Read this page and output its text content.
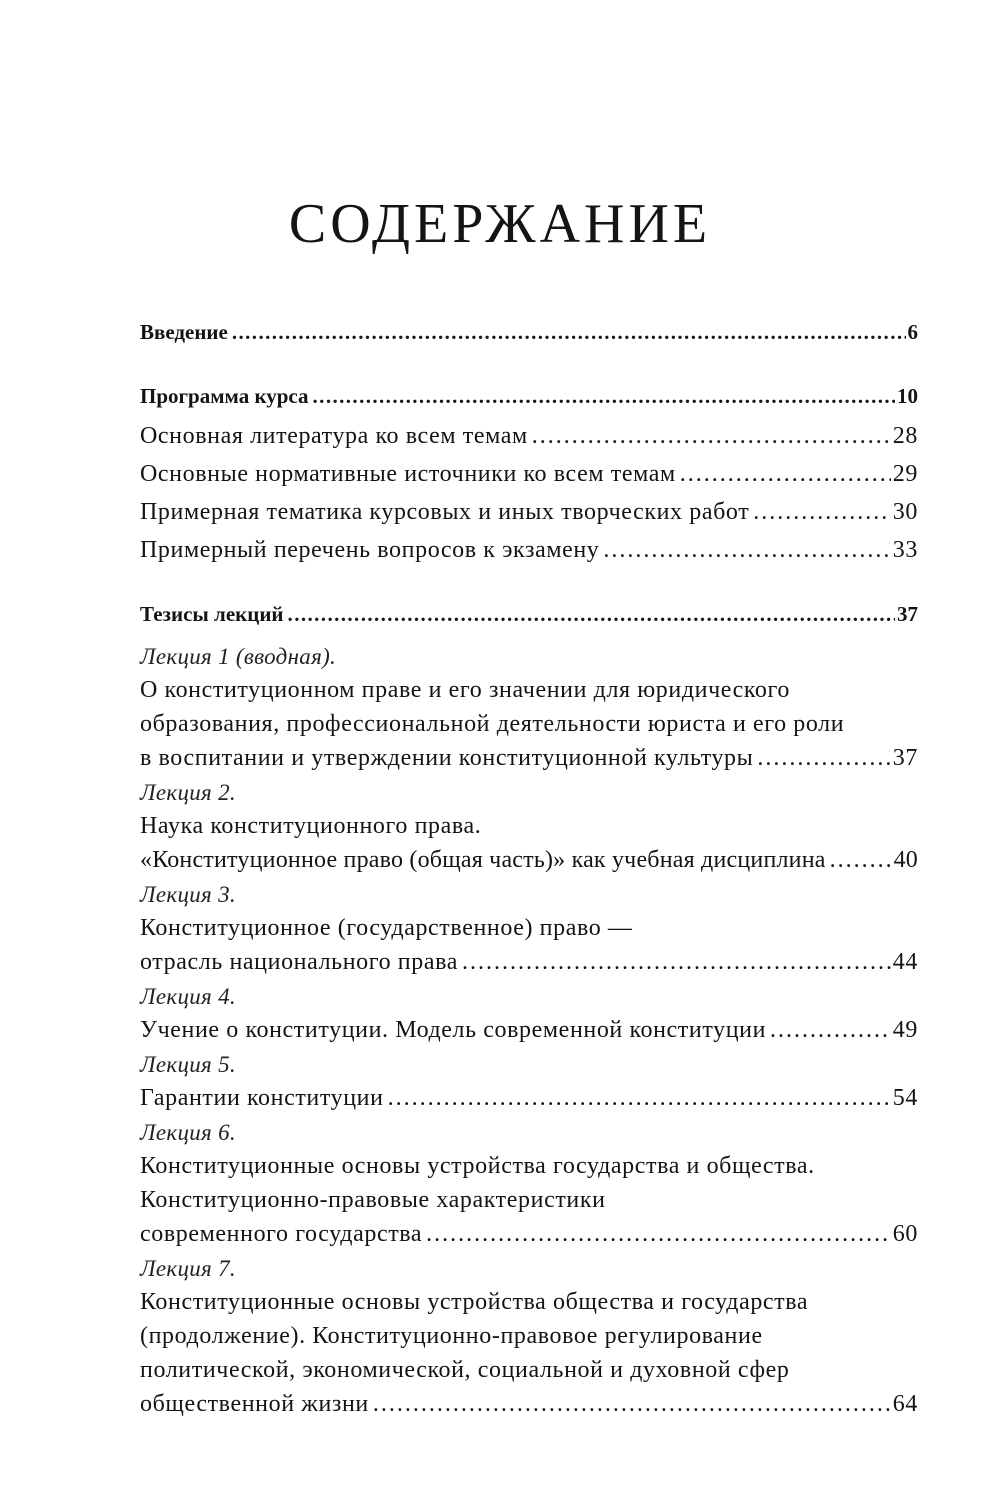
СОДЕРЖАНИЕ
Введение .....	6
Программа курса .....	10
Основная литература ко всем темам .....	28
Основные нормативные источники ко всем темам .....	29
Примерная тематика курсовых и иных творческих работ .....	30
Примерный перечень вопросов к экзамену .....	33
Тезисы лекций .....	37
Лекция 1 (вводная).
О конституционном праве и его значении для юридического
образования, профессиональной деятельности юриста и его роли
в воспитании и утверждении конституционной культуры .....	37
Лекция 2.
Наука конституционного права.
«Конституционное право (общая часть)» как учебная дисциплина .....	40
Лекция 3.
Конституционное (государственное) право —
отрасль национального права .....	44
Лекция 4.
Учение о конституции. Модель современной конституции .....	49
Лекция 5.
Гарантии конституции .....	54
Лекция 6.
Конституционные основы устройства государства и общества.
Конституционно-правовые характеристики
современного государства .....	60
Лекция 7.
Конституционные основы устройства общества и государства
(продолжение). Конституционно-правовое регулирование
политической, экономической, социальной и духовной сфер
общественной жизни .....	64
